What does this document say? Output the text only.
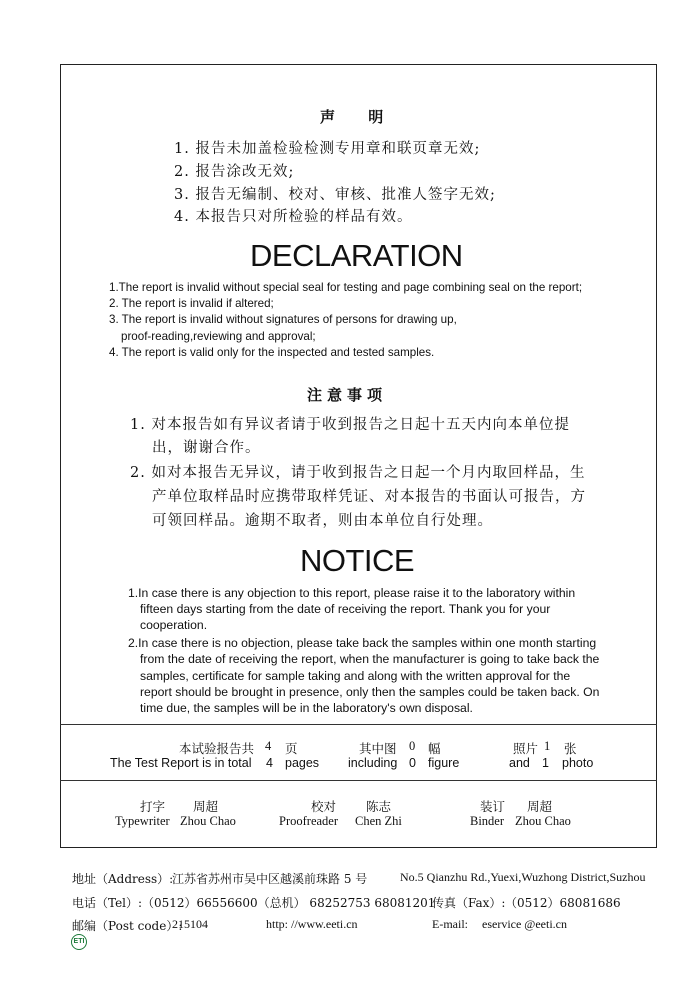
声 明
1. 报告未加盖检验检测专用章和联页章无效;
2. 报告涂改无效;
3. 报告无编制、校对、审核、批准人签字无效;
4. 本报告只对所检验的样品有效。
DECLARATION
1.The report is invalid without special seal for testing and page combining seal on the report;
2. The report is invalid if altered;
3. The report is invalid without signatures of persons for drawing up,
proof-reading,reviewing and approval;
4. The report is valid only for the inspected and tested samples.
注意事项
1. 对本报告如有异议者请于收到报告之日起十五天内向本单位提
出，谢谢合作。
2. 如对本报告无异议，请于收到报告之日起一个月内取回样品，生
产单位取样品时应携带取样凭证、对本报告的书面认可报告，方
可领回样品。逾期不取者，则由本单位自行处理。
NOTICE
1.In case there is any objection to this report, please raise it to the laboratory within
fifteen days starting from the date of receiving the report. Thank you for your
cooperation.
2.In case there is no objection, please take back the samples within one month starting
from the date of receiving the report, when the manufacturer is going to take back the
samples, certificate for sample taking and along with the written approval for the
report should be brought in presence, only then the samples could be taken back. On
time due, the samples will be in the laboratory's own disposal.
本试验报告共 4 页	其中图 0 幅	照片 1 张
The Test Report is in total 4 pages including 0 figure	and 1 photo
打字 周超
Typewriter Zhou Chao
校对 陈志
Proofreader Chen Zhi
装订 周超
Binder Zhou Chao
地址（Address）:
江苏省苏州市吴中区越溪前珠路 5 号	No.5 Qianzhu Rd.,Yuexi,Wuzhong District,Suzhou
电话（Tel）: （0512）66556600（总机） 68252753 68081201
传真（Fax）: （0512）68081686
邮编（Post code）:
215104	http: //www.eeti.cn	E-mail: eservice @eeti.cn
ETI
